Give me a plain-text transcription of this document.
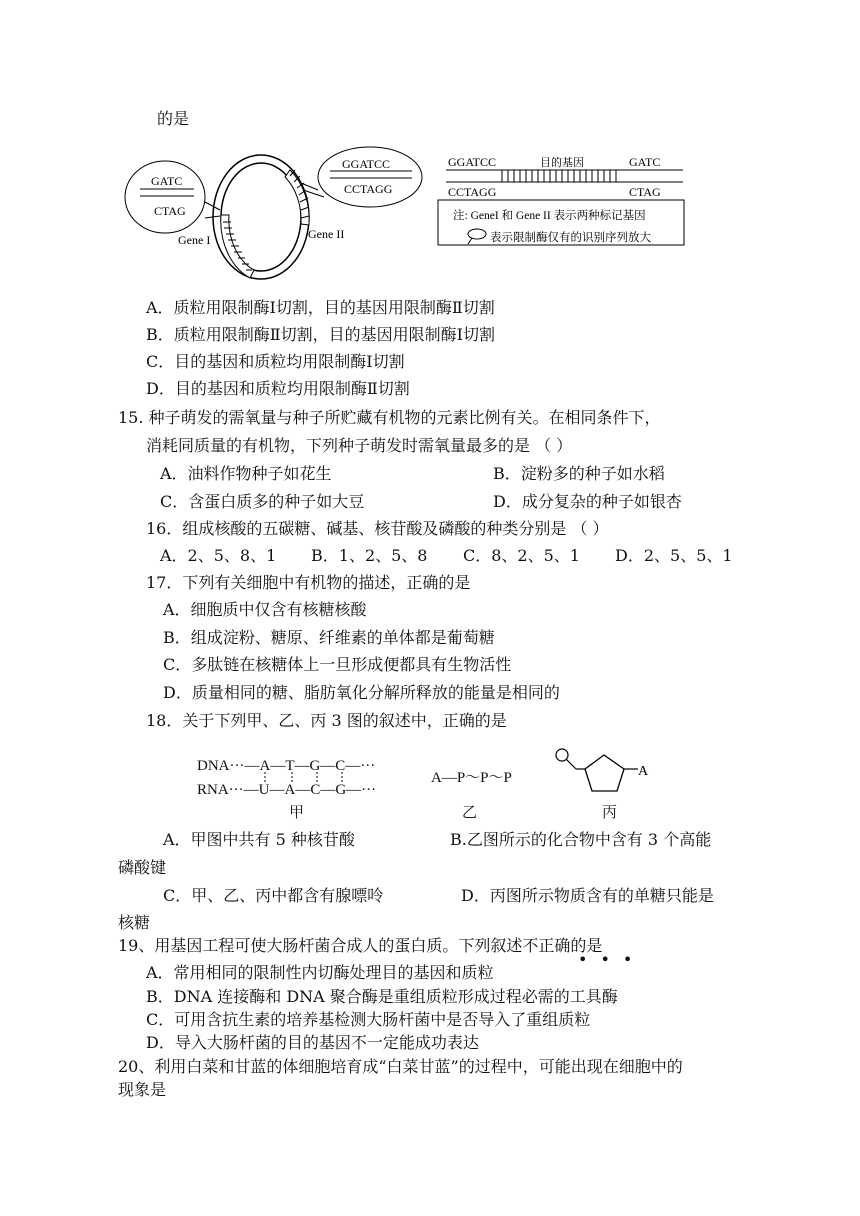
的是
GATC
CTAG
Gene I	Gene II
GGATCC
CCTAGG
GGATCC	目的基因	GATC
CCTAGG	CTAG
注: GeneI 和 Gene II 表示两种标记基因
表示限制酶仅有的识别序列放大
A．质粒用限制酶Ⅰ切割，目的基因用限制酶Ⅱ切割
B．质粒用限制酶Ⅱ切割，目的基因用限制酶Ⅰ切割
C．目的基因和质粒均用限制酶Ⅰ切割
D．目的基因和质粒均用限制酶Ⅱ切割
15. 种子萌发的需氧量与种子所贮藏有机物的元素比例有关。在相同条件下，
消耗同质量的有机物，下列种子萌发时需氧量最多的是 （ ）
A．油料作物种子如花生	B．淀粉多的种子如水稻
C．含蛋白质多的种子如大豆	D．成分复杂的种子如银杏
16．组成核酸的五碳糖、碱基、核苷酸及磷酸的种类分别是 （ ）
A．2、5、8、1 B．1、2、5、8 C．8、2、5、1 D．2、5、5、1
17．下列有关细胞中有机物的描述，正确的是
A．细胞质中仅含有核糖核酸
B．组成淀粉、糖原、纤维素的单体都是葡萄糖
C．多肽链在核糖体上一旦形成便都具有生物活性
D．质量相同的糖、脂肪氧化分解所释放的能量是相同的
18．关于下列甲、乙、丙 3 图的叙述中，正确的是
DNA···—A—T—G—C—···
RNA···—U—A—C—G—···
甲
A—P～P～P
乙
A
丙
A．甲图中共有 5 种核苷酸	B.乙图所示的化合物中含有 3 个高能
磷酸键
C．甲、乙、丙中都含有腺嘌呤	D．丙图所示物质含有的单糖只能是
核糖
19、用基因工程可使大肠杆菌合成人的蛋白质。下列叙述不正确的是
•••
A．常用相同的限制性内切酶处理目的基因和质粒
B．DNA 连接酶和 DNA 聚合酶是重组质粒形成过程必需的工具酶
C．可用含抗生素的培养基检测大肠杆菌中是否导入了重组质粒
D．导入大肠杆菌的目的基因不一定能成功表达
20、利用白菜和甘蓝的体细胞培育成“白菜甘蓝”的过程中，可能出现在细胞中的
现象是
